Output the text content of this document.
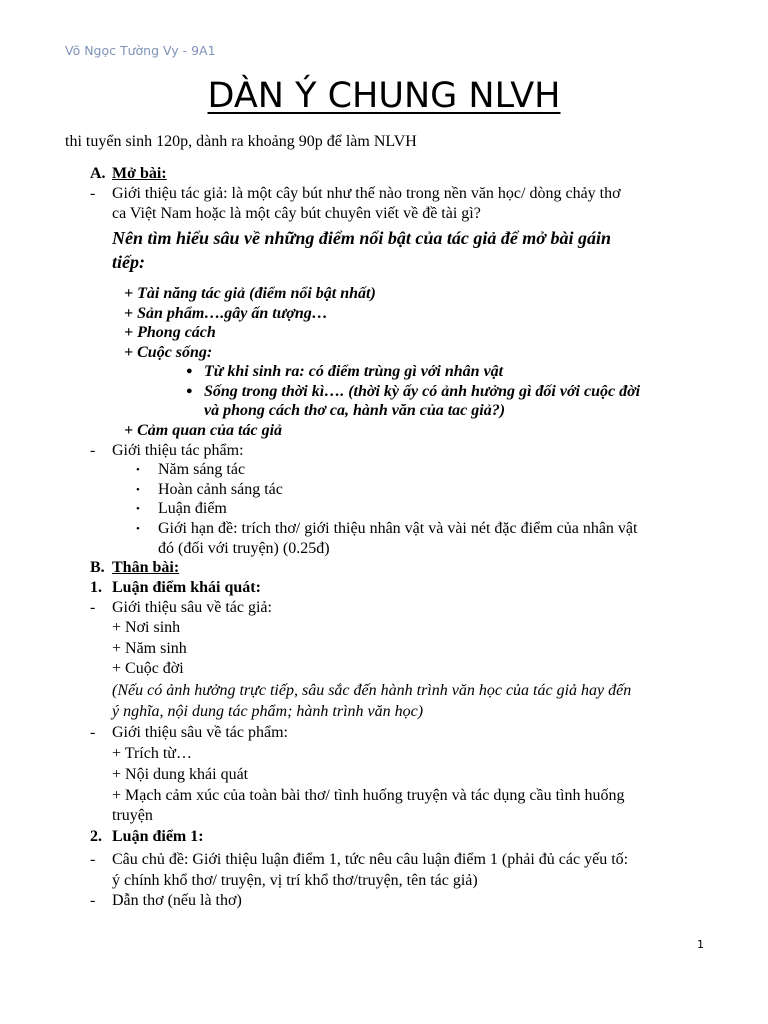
Võ Ngọc Tường Vy - 9A1
DÀN Ý CHUNG NLVH
thi tuyển sinh 120p, dành ra khoảng 90p để làm NLVH
A. Mở bài:
- Giới thiệu tác giả: là một cây bút như thế nào trong nền văn học/ dòng chảy thơ
ca Việt Nam hoặc là một cây bút chuyên viết về đề tài gì?
Nên tìm hiểu sâu về những điểm nổi bật của tác giả để mở bài gáin
tiếp:
+ Tài năng tác giả (điểm nổi bật nhất)
+ Sản phẩm….gây ấn tượng…
+ Phong cách
+ Cuộc sống:
● Từ khi sinh ra: có điểm trùng gì với nhân vật
● Sống trong thời kì…. (thời kỳ ấy có ảnh hưởng gì đối với cuộc đời
và phong cách thơ ca, hành văn của tac giả?)
+ Cảm quan của tác giả
- Giới thiệu tác phẩm:
• Năm sáng tác
• Hoàn cảnh sáng tác
• Luận điểm
• Giới hạn đề: trích thơ/ giới thiệu nhân vật và vài nét đặc điểm của nhân vật
đó (đối với truyện) (0.25đ)
B. Thân bài:
1. Luận điểm khái quát:
- Giới thiệu sâu về tác giả:
+ Nơi sinh
+ Năm sinh
+ Cuộc đời
(Nếu có ảnh hưởng trực tiếp, sâu sắc đến hành trình văn học của tác giả hay đến
ý nghĩa, nội dung tác phẩm; hành trình văn học)
- Giới thiệu sâu về tác phẩm:
+ Trích từ…
+ Nội dung khái quát
+ Mạch cảm xúc của toàn bài thơ/ tình huống truyện và tác dụng cầu tình huống
truyện
2. Luận điểm 1:
- Câu chủ đề: Giới thiệu luận điểm 1, tức nêu câu luận điểm 1 (phải đủ các yếu tố:
ý chính khổ thơ/ truyện, vị trí khổ thơ/truyện, tên tác giả)
- Dẫn thơ (nếu là thơ)
1
